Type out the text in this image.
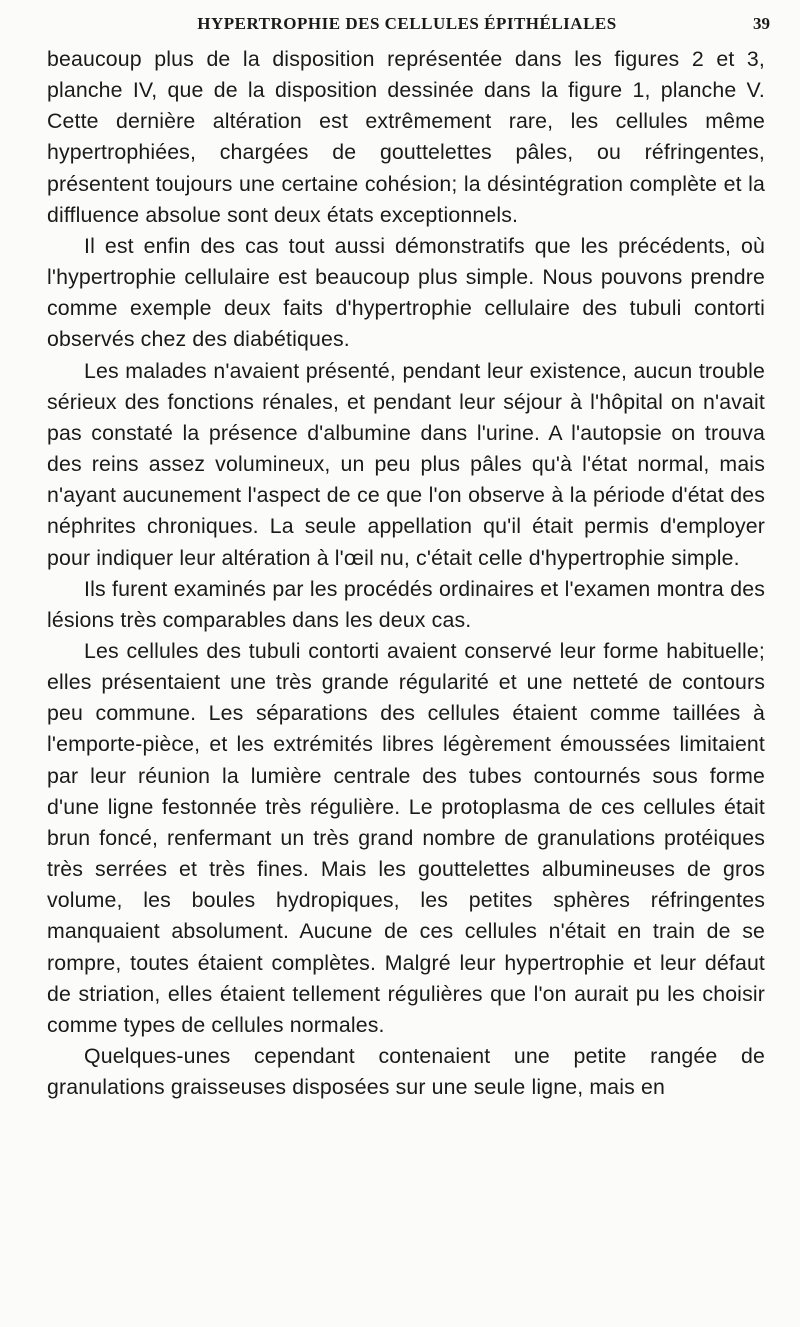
HYPERTROPHIE DES CELLULES ÉPITHÉLIALES	39

beaucoup plus de la disposition représentée dans les figures 2 et 3, planche IV, que de la disposition dessinée dans la figure 1, planche V. Cette dernière altération est extrêmement rare, les cellules même hypertrophiées, chargées de gouttelettes pâles, ou réfringentes, présentent toujours une certaine cohésion; la désintégration complète et la diffluence absolue sont deux états exceptionnels.

Il est enfin des cas tout aussi démonstratifs que les précédents, où l'hypertrophie cellulaire est beaucoup plus simple. Nous pouvons prendre comme exemple deux faits d'hypertrophie cellulaire des tubuli contorti observés chez des diabétiques.

Les malades n'avaient présenté, pendant leur existence, aucun trouble sérieux des fonctions rénales, et pendant leur séjour à l'hôpital on n'avait pas constaté la présence d'albumine dans l'urine. A l'autopsie on trouva des reins assez volumineux, un peu plus pâles qu'à l'état normal, mais n'ayant aucunement l'aspect de ce que l'on observe à la période d'état des néphrites chroniques. La seule appellation qu'il était permis d'employer pour indiquer leur altération à l'œil nu, c'était celle d'hypertrophie simple.

Ils furent examinés par les procédés ordinaires et l'examen montra des lésions très comparables dans les deux cas.

Les cellules des tubuli contorti avaient conservé leur forme habituelle; elles présentaient une très grande régularité et une netteté de contours peu commune. Les séparations des cellules étaient comme taillées à l'emporte-pièce, et les extrémités libres légèrement émoussées limitaient par leur réunion la lumière centrale des tubes contournés sous forme d'une ligne festonnée très régulière. Le protoplasma de ces cellules était brun foncé, renfermant un très grand nombre de granulations protéiques très serrées et très fines. Mais les gouttelettes albumineuses de gros volume, les boules hydropiques, les petites sphères réfringentes manquaient absolument. Aucune de ces cellules n'était en train de se rompre, toutes étaient complètes. Malgré leur hypertrophie et leur défaut de striation, elles étaient tellement régulières que l'on aurait pu les choisir comme types de cellules normales.

Quelques-unes cependant contenaient une petite rangée de granulations graisseuses disposées sur une seule ligne, mais en
